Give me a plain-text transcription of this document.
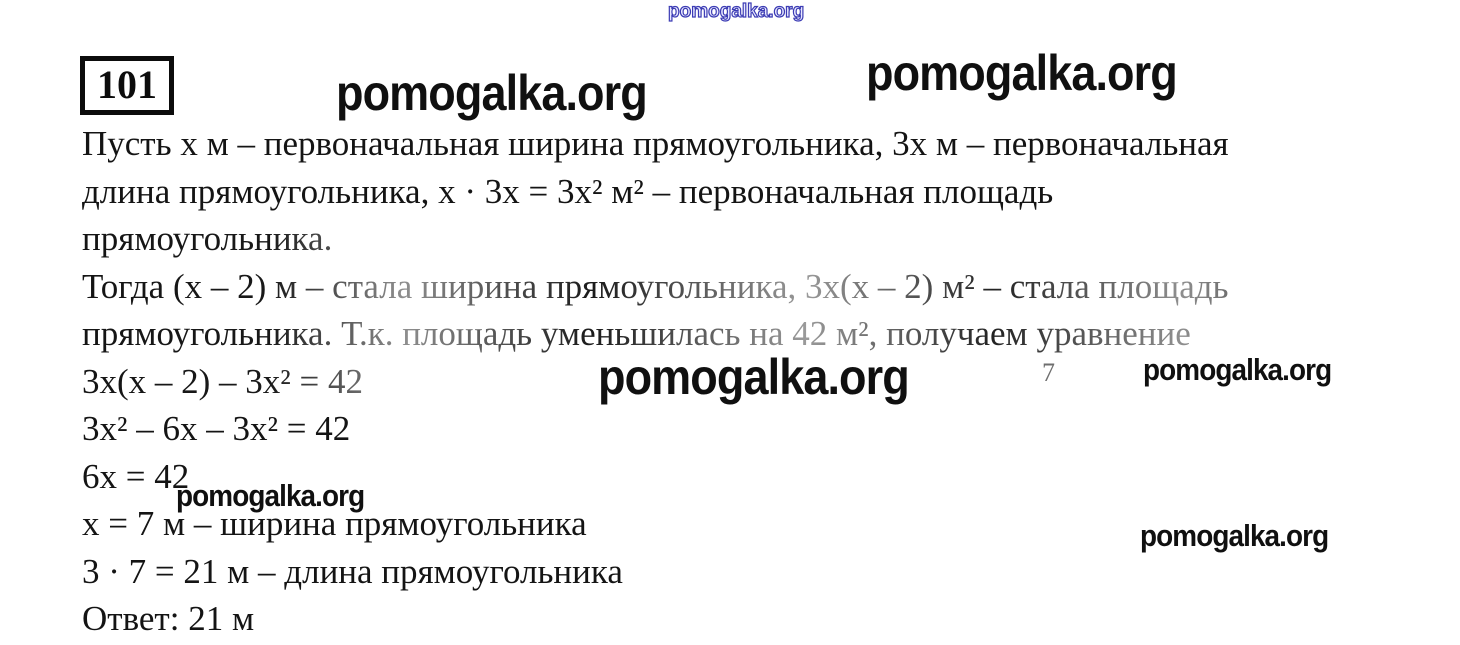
pomogalka.org
101	pomogalka.org	pomogalka.org

Пусть х м – первоначальная ширина прямоугольника, 3х м – первоначальная

длина прямоугольника, х · 3х = 3х² м² – первоначальная площадь

прямоугольника.

Тогда (х – 2) м – стала ширина прямоугольника, 3х(х – 2) м² – стала площадь

прямоугольника. Т.к. площадь уменьшилась на 42 м², получаем уравнение

3х(х – 2) – 3х² = 42

3х² – 6х – 3х² = 42

6х = 42

х = 7 м – ширина прямоугольника

3 · 7 = 21 м – длина прямоугольника

Ответ: 21 м

pomogalka.org	7	pomogalka.org
pomogalka.org
pomogalka.org
